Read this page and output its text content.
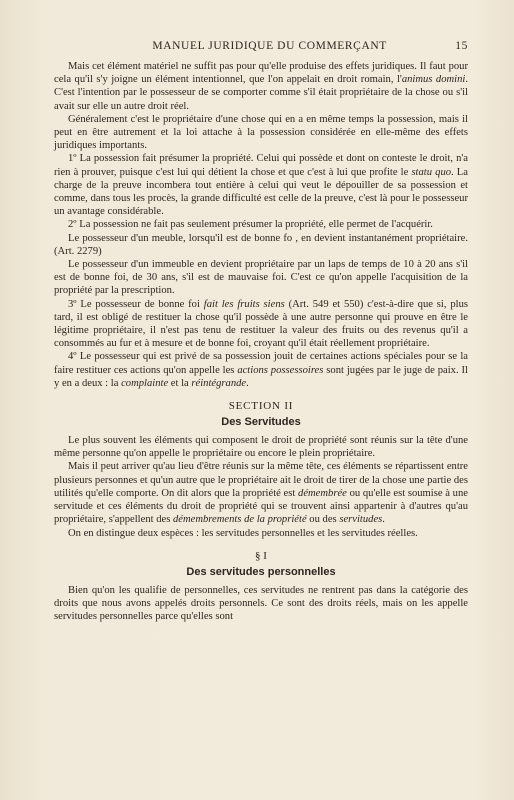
MANUEL JURIDIQUE DU COMMERÇANT	15

Mais cet élément matériel ne suffit pas pour qu'elle produise des effets juridiques. Il faut pour cela qu'il s'y joigne un élément intentionnel, que l'on appelait en droit romain, l'animus domini. C'est l'intention par le possesseur de se comporter comme s'il était propriétaire de la chose ou s'il avait sur elle un autre droit réel.

Généralement c'est le propriétaire d'une chose qui en a en même temps la possession, mais il peut en être autrement et la loi attache à la possession considérée en elle-même des effets juridiques importants.

1º La possession fait présumer la propriété. Celui qui possède et dont on conteste le droit, n'a rien à prouver, puisque c'est lui qui détient la chose et que c'est à lui que profite le statu quo. La charge de la preuve incombera tout entière à celui qui veut le dépouiller de sa possession et comme, dans tous les procès, la grande difficulté est celle de la preuve, c'est là pour le possesseur un avantage considérable.

2º La possession ne fait pas seulement présumer la propriété, elle permet de l'acquérir.

Le possesseur d'un meuble, lorsqu'il est de bonne fo , en devient instantanément propriétaire. (Art. 2279)

Le possesseur d'un immeuble en devient propriétaire par un laps de temps de 10 à 20 ans s'il est de bonne foi, de 30 ans, s'il est de mauvaise foi. C'est ce qu'on appelle l'acquisition de la propriété par la prescription.

3º Le possesseur de bonne foi fait les fruits siens (Art. 549 et 550) c'est-à-dire que si, plus tard, il est obligé de restituer la chose qu'il possède à une autre personne qui prouve en être le légitime propriétaire, il n'est pas tenu de restituer la valeur des fruits ou des revenus qu'il a consommés au fur et à mesure et de bonne foi, croyant qu'il était réellement propriétaire.

4º Le possesseur qui est privé de sa possession jouit de certaines actions spéciales pour se la faire restituer ces actions qu'on appelle les actions possessoires sont jugées par le juge de paix. Il y en a deux : la complainte et la réintégrande.

SECTION II
Des Servitudes

Le plus souvent les éléments qui composent le droit de propriété sont réunis sur la tête d'une même personne qu'on appelle le propriétaire ou encore le plein propriétaire.

Mais il peut arriver qu'au lieu d'être réunis sur la même tête, ces éléments se répartissent entre plusieurs personnes et qu'un autre que le propriétaire ait le droit de tirer de la chose une partie des utilités qu'elle comporte. On dit alors que la propriété est démembrée ou qu'elle est soumise à une servitude et ces éléments du droit de propriété qui se trouvent ainsi appartenir à d'autres qu'au propriétaire, s'appellent des démembrements de la propriété ou des servitudes.

On en distingue deux espèces : les servitudes personnelles et les servitudes réelles.

§ I
Des servitudes personnelles

Bien qu'on les qualifie de personnelles, ces servitudes ne rentrent pas dans la catégorie des droits que nous avons appelés droits personnels. Ce sont des droits réels, mais on les appelle servitudes personnelles parce qu'elles sont
